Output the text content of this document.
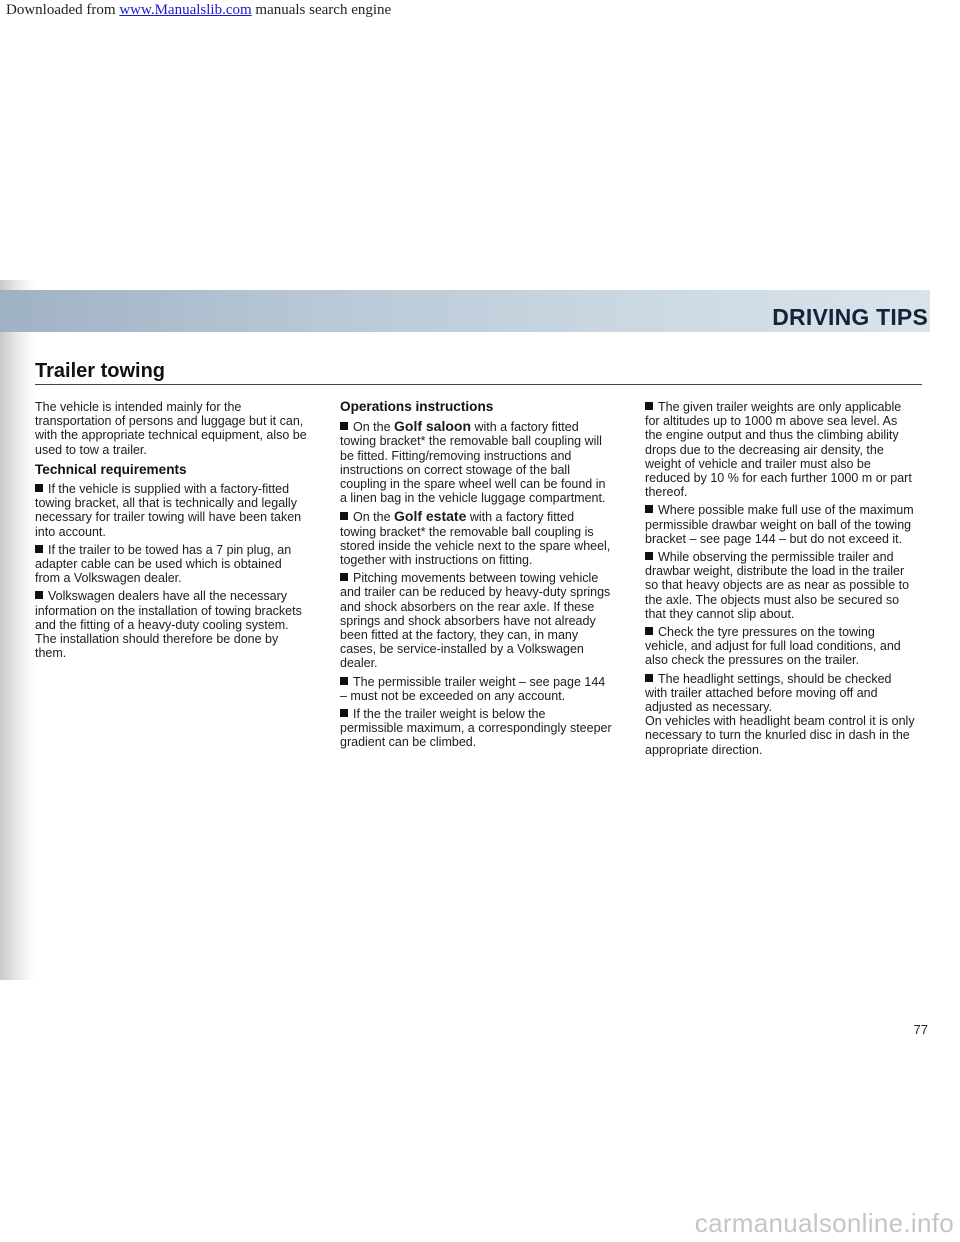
Downloaded from www.Manualslib.com manuals search engine
DRIVING TIPS
Trailer towing

The vehicle is intended mainly for the transportation of persons and luggage but it can, with the appropriate technical equipment, also be used to tow a trailer.

Technical requirements

If the vehicle is supplied with a factory-fitted towing bracket, all that is technically and legally necessary for trailer towing will have been taken into account.

If the trailer to be towed has a 7 pin plug, an adapter cable can be used which is obtained from a Volkswagen dealer.

Volkswagen dealers have all the necessary information on the installation of towing brackets and the fitting of a heavy-duty cooling system. The installation should therefore be done by them.

Operations instructions

On the Golf saloon with a factory fitted towing bracket* the removable ball coupling will be fitted. Fitting/removing instructions and instructions on correct stowage of the ball coupling in the spare wheel well can be found in a linen bag in the vehicle luggage compartment.

On the Golf estate with a factory fitted towing bracket* the removable ball coupling is stored inside the vehicle next to the spare wheel, together with instructions on fitting.

Pitching movements between towing vehicle and trailer can be reduced by heavy-duty springs and shock absorbers on the rear axle. If these springs and shock absorbers have not already been fitted at the factory, they can, in many cases, be service-installed by a Volkswagen dealer.

The permissible trailer weight – see page 144 – must not be exceeded on any account.

If the the trailer weight is below the permissible maximum, a correspondingly steeper gradient can be climbed.

The given trailer weights are only applicable for altitudes up to 1000 m above sea level. As the engine output and thus the climbing ability drops due to the decreasing air density, the weight of vehicle and trailer must also be reduced by 10 % for each further 1000 m or part thereof.

Where possible make full use of the maximum permissible drawbar weight on ball of the towing bracket – see page 144 – but do not exceed it.

While observing the permissible trailer and drawbar weight, distribute the load in the trailer so that heavy objects are as near as possible to the axle. The objects must also be secured so that they cannot slip about.

Check the tyre pressures on the towing vehicle, and adjust for full load conditions, and also check the pressures on the trailer.

The headlight settings, should be checked with trailer attached before moving off and adjusted as necessary.

On vehicles with headlight beam control it is only necessary to turn the knurled disc in dash in the appropriate direction.

77
carmanualsonline.info
